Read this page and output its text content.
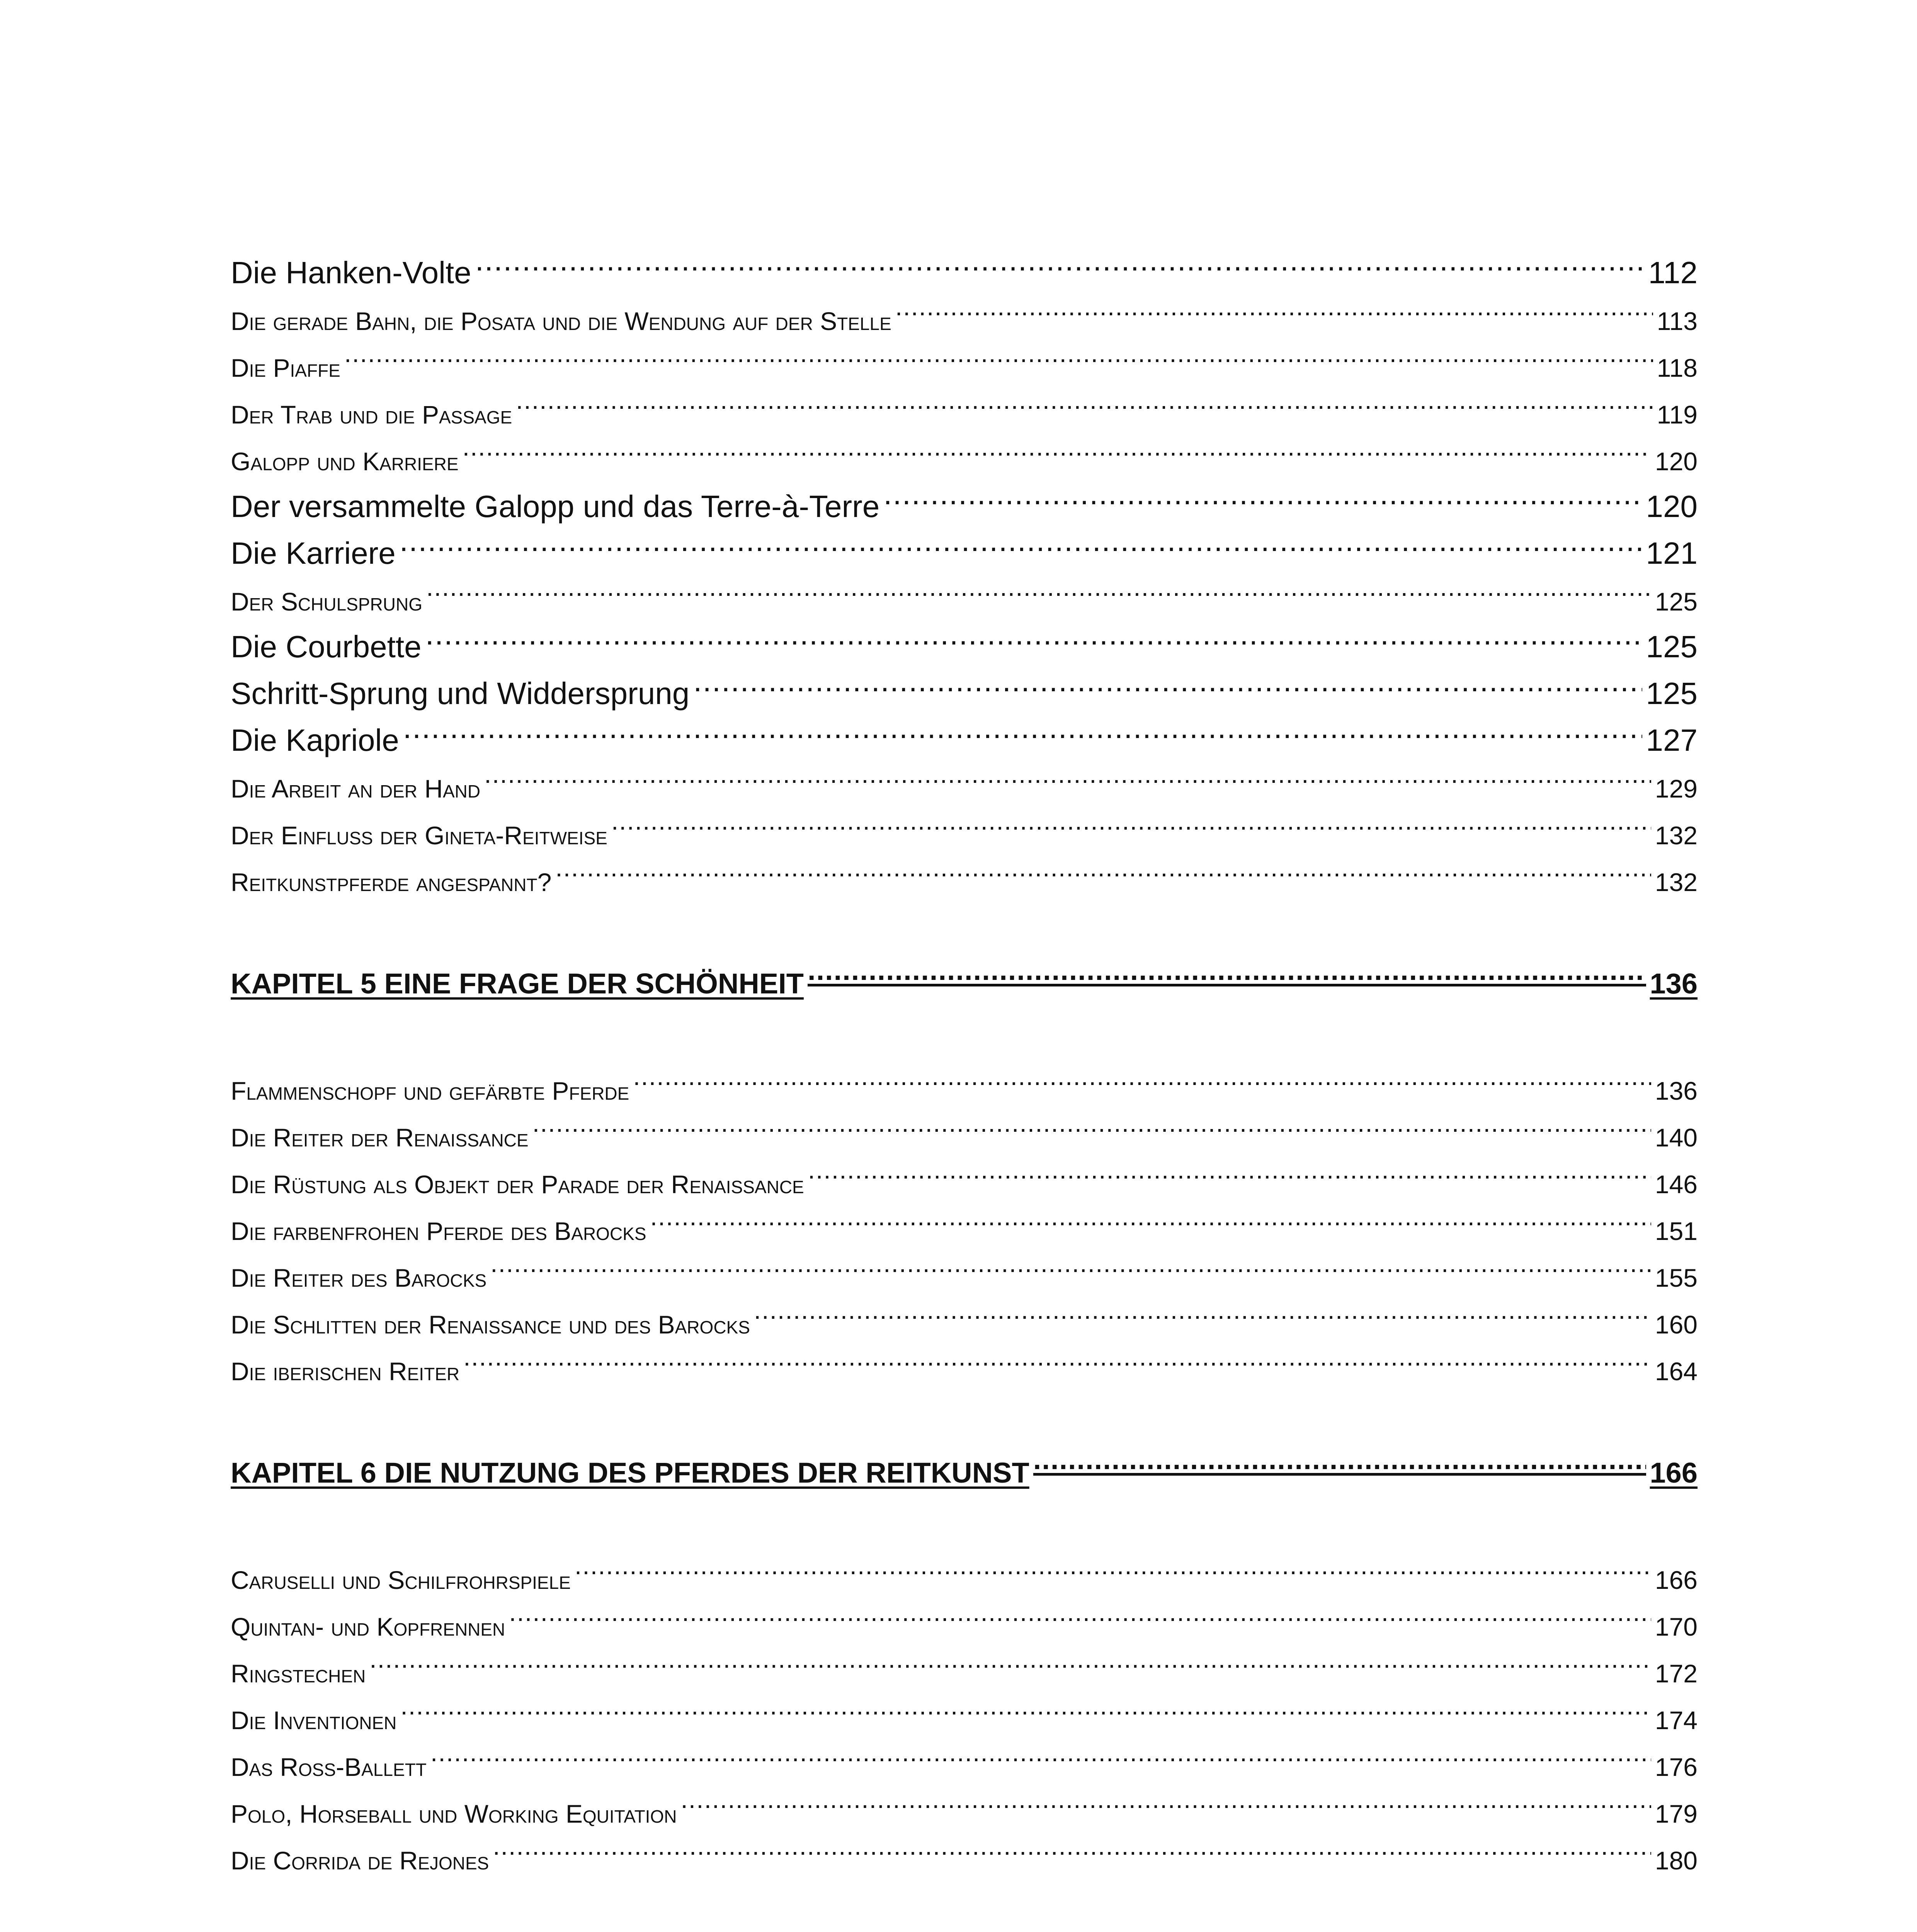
Die Hanken-Volte .....	112
Die gerade Bahn, die Posata und die Wendung auf der Stelle .....	113
Die Piaffe .....	118
Der Trab und die Passage .....	119
Galopp und Karriere .....	120
Der versammelte Galopp und das Terre-à-Terre .....	120
Die Karriere .....	121
Der Schulsprung .....	125
Die Courbette .....	125
Schritt-Sprung und Widdersprung .....	125
Die Kapriole .....	127
Die Arbeit an der Hand .....	129
Der Einfluss der Gineta-Reitweise .....	132
Reitkunstpferde angespannt? .....	132
KAPITEL 5 EINE FRAGE DER SCHÖNHEIT .....	136
Flammenschopf und gefärbte Pferde .....	136
Die Reiter der Renaissance .....	140
Die Rüstung als Objekt der Parade der Renaissance .....	146
Die farbenfrohen Pferde des Barocks .....	151
Die Reiter des Barocks .....	155
Die Schlitten der Renaissance und des Barocks .....	160
Die iberischen Reiter .....	164
KAPITEL 6 DIE NUTZUNG DES PFERDES DER REITKUNST .....	166
Caruselli und Schilfrohrspiele .....	166
Quintan- und Kopfrennen .....	170
Ringstechen .....	172
Die Inventionen .....	174
Das Ross-Ballett .....	176
Polo, Horseball und Working Equitation .....	179
Die Corrida de Rejones .....	180
.....
